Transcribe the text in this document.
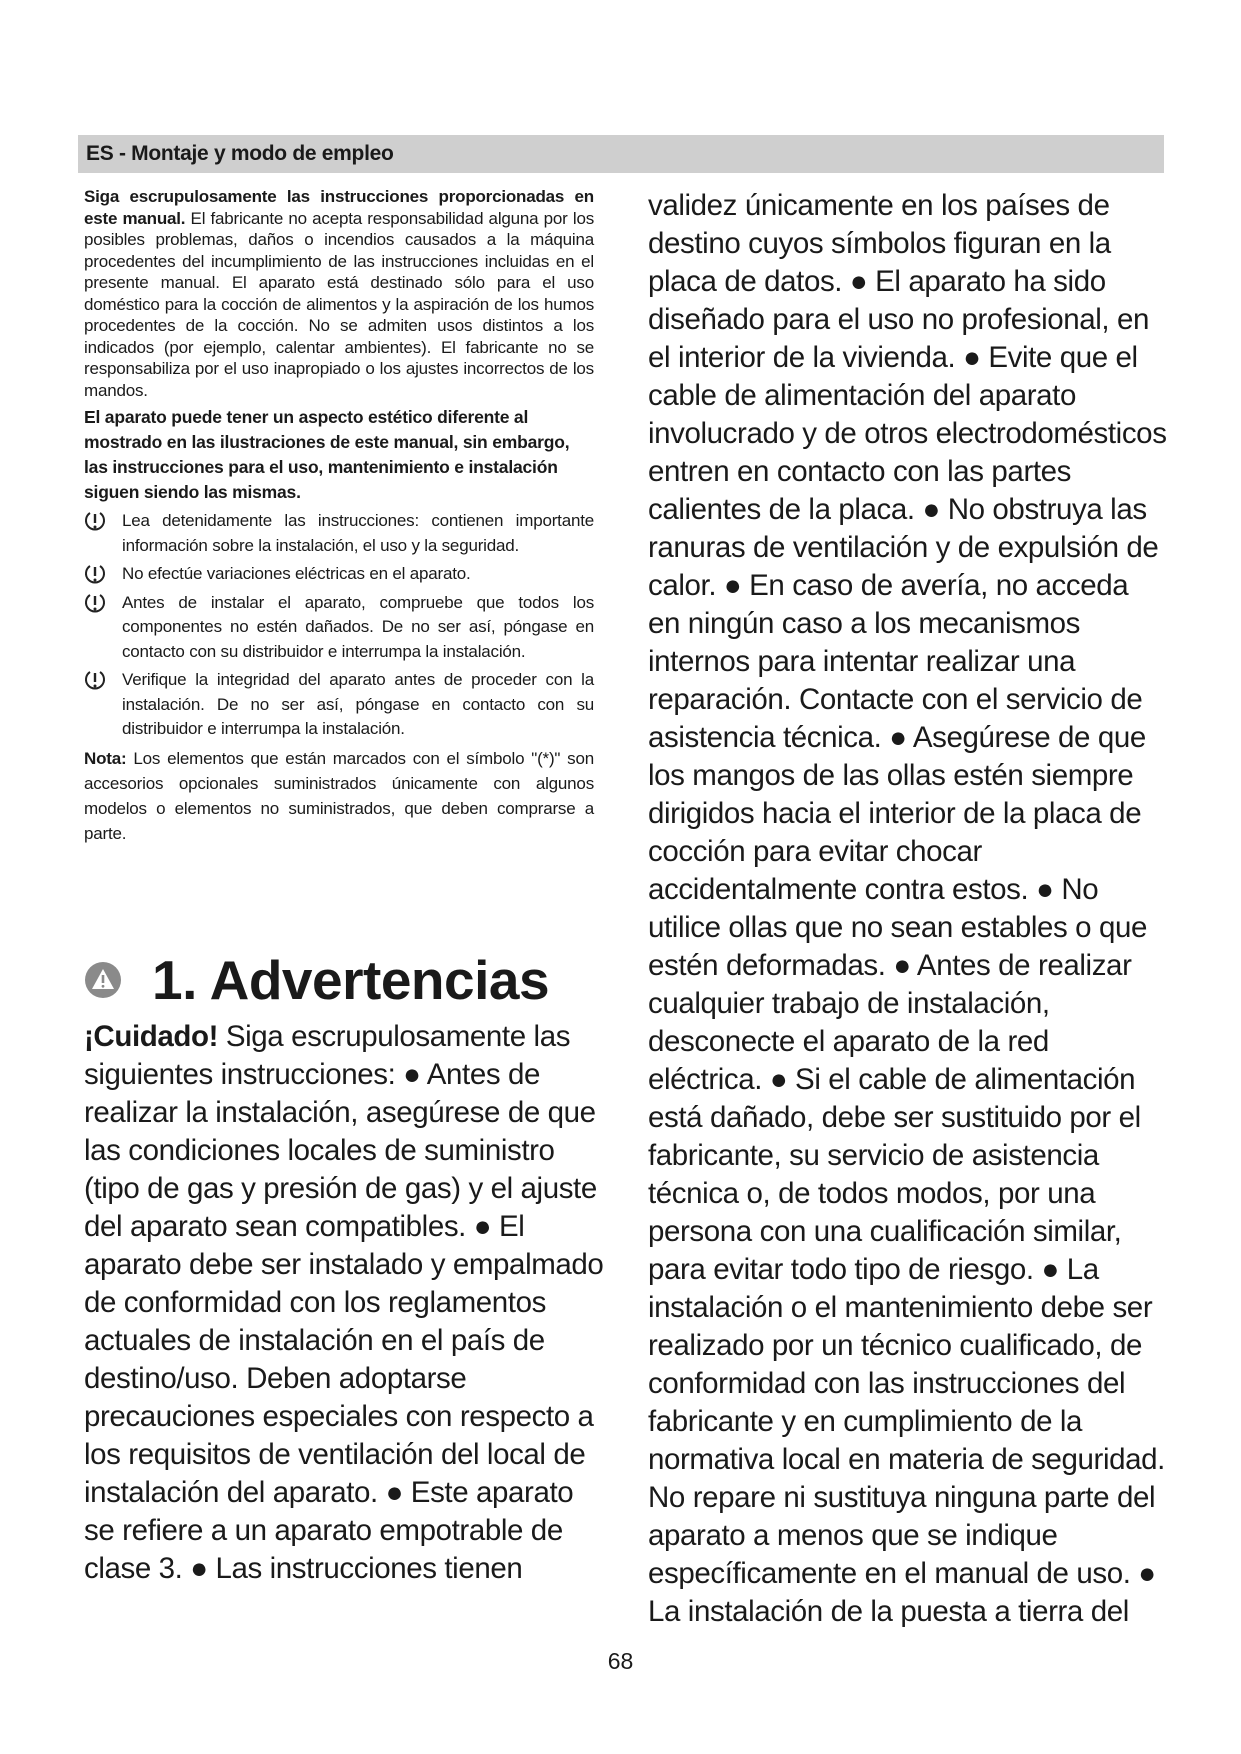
ES - Montaje y modo de empleo

Siga escrupulosamente las instrucciones proporcionadas en este manual. El fabricante no acepta responsabilidad alguna por los posibles problemas, daños o incendios causados a la máquina procedentes del incumplimiento de las instrucciones incluidas en el presente manual. El aparato está destinado sólo para el uso doméstico para la cocción de alimentos y la aspiración de los humos procedentes de la cocción. No se admiten usos distintos a los indicados (por ejemplo, calentar ambientes). El fabricante no se responsabiliza por el uso inapropiado o los ajustes incorrectos de los mandos.

El aparato puede tener un aspecto estético diferente al mostrado en las ilustraciones de este manual, sin embargo, las instrucciones para el uso, mantenimiento e instalación siguen siendo las mismas.

Lea detenidamente las instrucciones: contienen importante información sobre la instalación, el uso y la seguridad.
No efectúe variaciones eléctricas en el aparato.
Antes de instalar el aparato, compruebe que todos los componentes no estén dañados. De no ser así, póngase en contacto con su distribuidor e interrumpa la instalación.
Verifique la integridad del aparato antes de proceder con la instalación. De no ser así, póngase en contacto con su distribuidor e interrumpa la instalación.

Nota: Los elementos que están marcados con el símbolo "(*)" son accesorios opcionales suministrados únicamente con algunos modelos o elementos no suministrados, que deben comprarse a parte.

1. Advertencias

¡Cuidado! Siga escrupulosamente las siguientes instrucciones: ● Antes de realizar la instalación, asegúrese de que las condiciones locales de suministro (tipo de gas y presión de gas) y el ajuste del aparato sean compatibles. ● El aparato debe ser instalado y empalmado de conformidad con los reglamentos actuales de instalación en el país de destino/uso. Deben adoptarse precauciones especiales con respecto a los requisitos de ventilación del local de instalación del aparato. ● Este aparato se refiere a un aparato empotrable de clase 3. ● Las instrucciones tienen

validez únicamente en los países de destino cuyos símbolos figuran en la placa de datos. ● El aparato ha sido diseñado para el uso no profesional, en el interior de la vivienda. ● Evite que el cable de alimentación del aparato involucrado y de otros electrodomésticos entren en contacto con las partes calientes de la placa. ● No obstruya las ranuras de ventilación y de expulsión de calor. ● En caso de avería, no acceda en ningún caso a los mecanismos internos para intentar realizar una reparación. Contacte con el servicio de asistencia técnica. ● Asegúrese de que los mangos de las ollas estén siempre dirigidos hacia el interior de la placa de cocción para evitar chocar accidentalmente contra estos. ● No utilice ollas que no sean estables o que estén deformadas. ● Antes de realizar cualquier trabajo de instalación, desconecte el aparato de la red eléctrica. ● Si el cable de alimentación está dañado, debe ser sustituido por el fabricante, su servicio de asistencia técnica o, de todos modos, por una persona con una cualificación similar, para evitar todo tipo de riesgo. ● La instalación o el mantenimiento debe ser realizado por un técnico cualificado, de conformidad con las instrucciones del fabricante y en cumplimiento de la normativa local en materia de seguridad. No repare ni sustituya ninguna parte del aparato a menos que se indique específicamente en el manual de uso. ● La instalación de la puesta a tierra del

68
